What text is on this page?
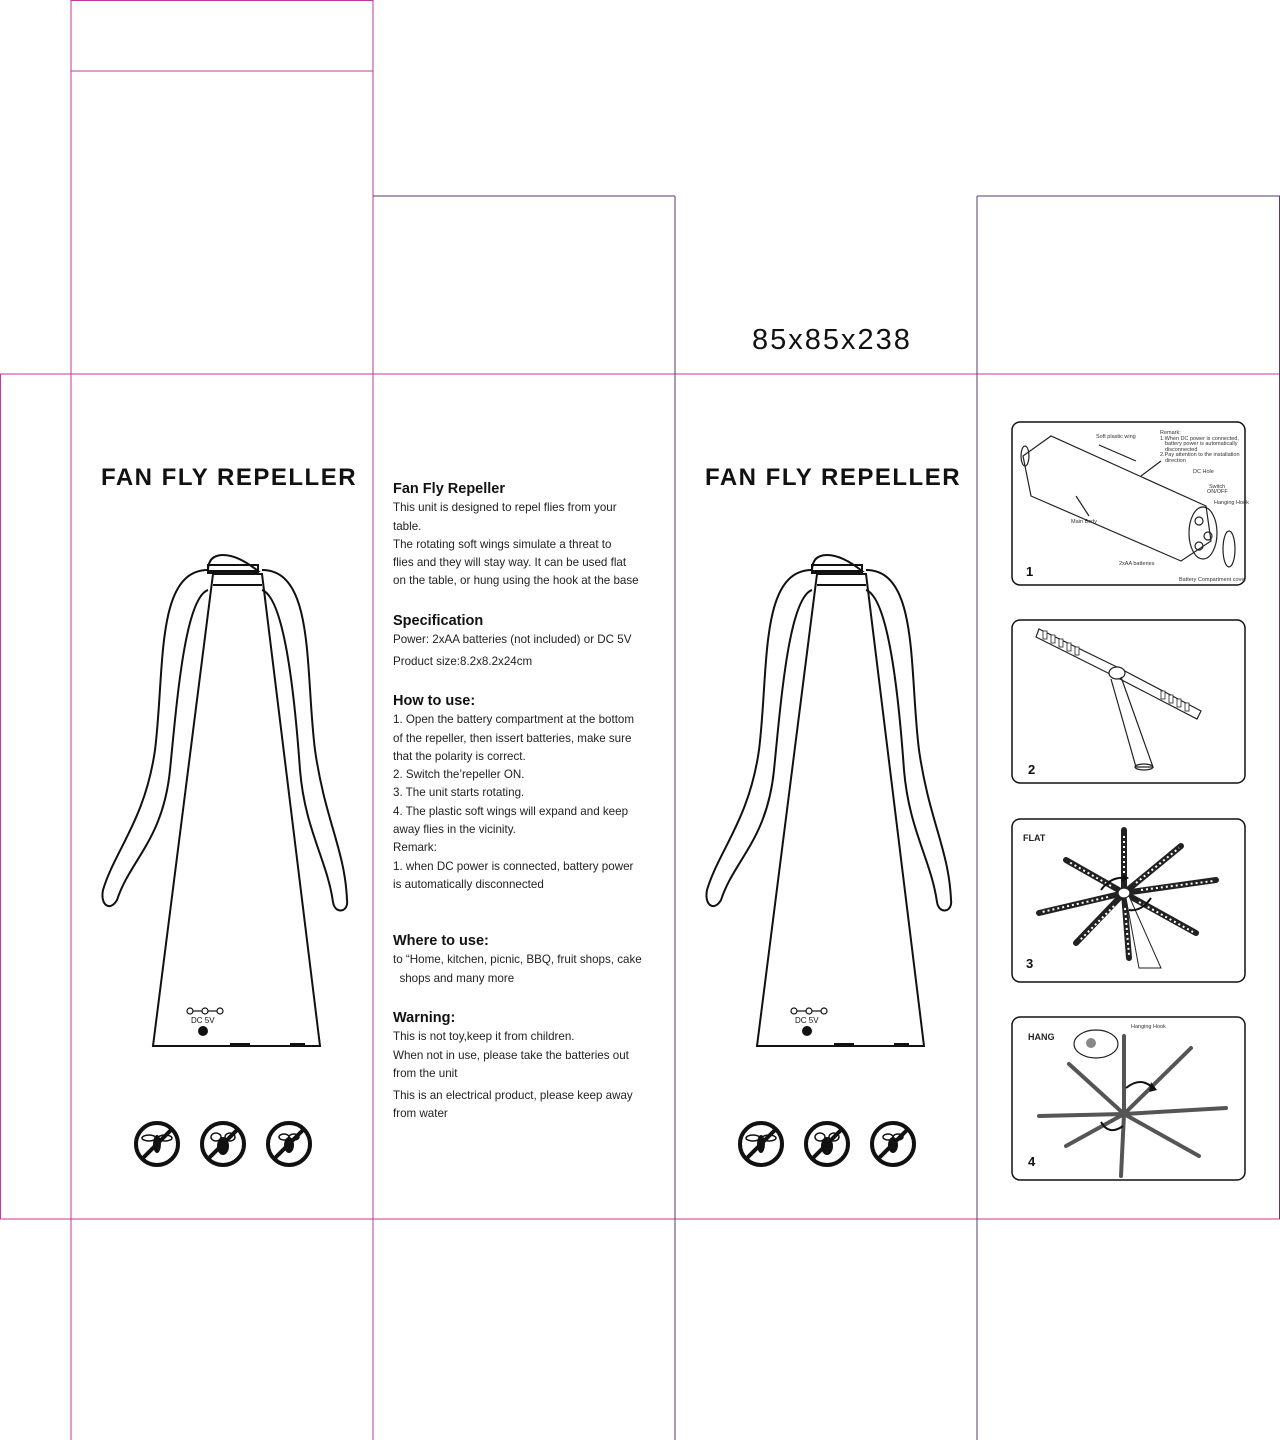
FAN FLY REPELLER
DC 5V
Fan Fly Repeller

This unit is designed to repel flies from your

table.

The rotating soft wings simulate a threat to

flies and they will stay way. It can be used flat

on the table, or hung using the hook at the base

Specification

Power: 2xAA batteries (not included) or DC 5V

Product size:8.2x8.2x24cm

How to use:

1. Open the battery compartment at the bottom

of the repeller, then issert batteries, make sure

that the polarity is correct.

2. Switch the’repeller ON.

3. The unit starts rotating.

4. The plastic soft wings will expand and keep

away flies in the vicinity.

Remark:

1. when DC power is connected, battery power

is automatically disconnected

Where to use:

to “Home, kitchen, picnic, BBQ, fruit shops, cake

shops and many more

Warning:

This is not toy,keep it from children.

When not in use, please take the batteries out

from the unit

This is an electrical product, please keep away

from water

85x85x238
FAN FLY REPELLER
DC 5V
Soft plastic wing
Remark:
1.When DC power is connected,
battery power is automatically
disconnected
2.Pay attention to the installation
direction
DC Hole
Switch
ON/OFF
Hanging Hook
Main Body
2xAA batteries
Battery Compartment cover
1
2
FLAT
3
HANG
Hanging Hook
4
